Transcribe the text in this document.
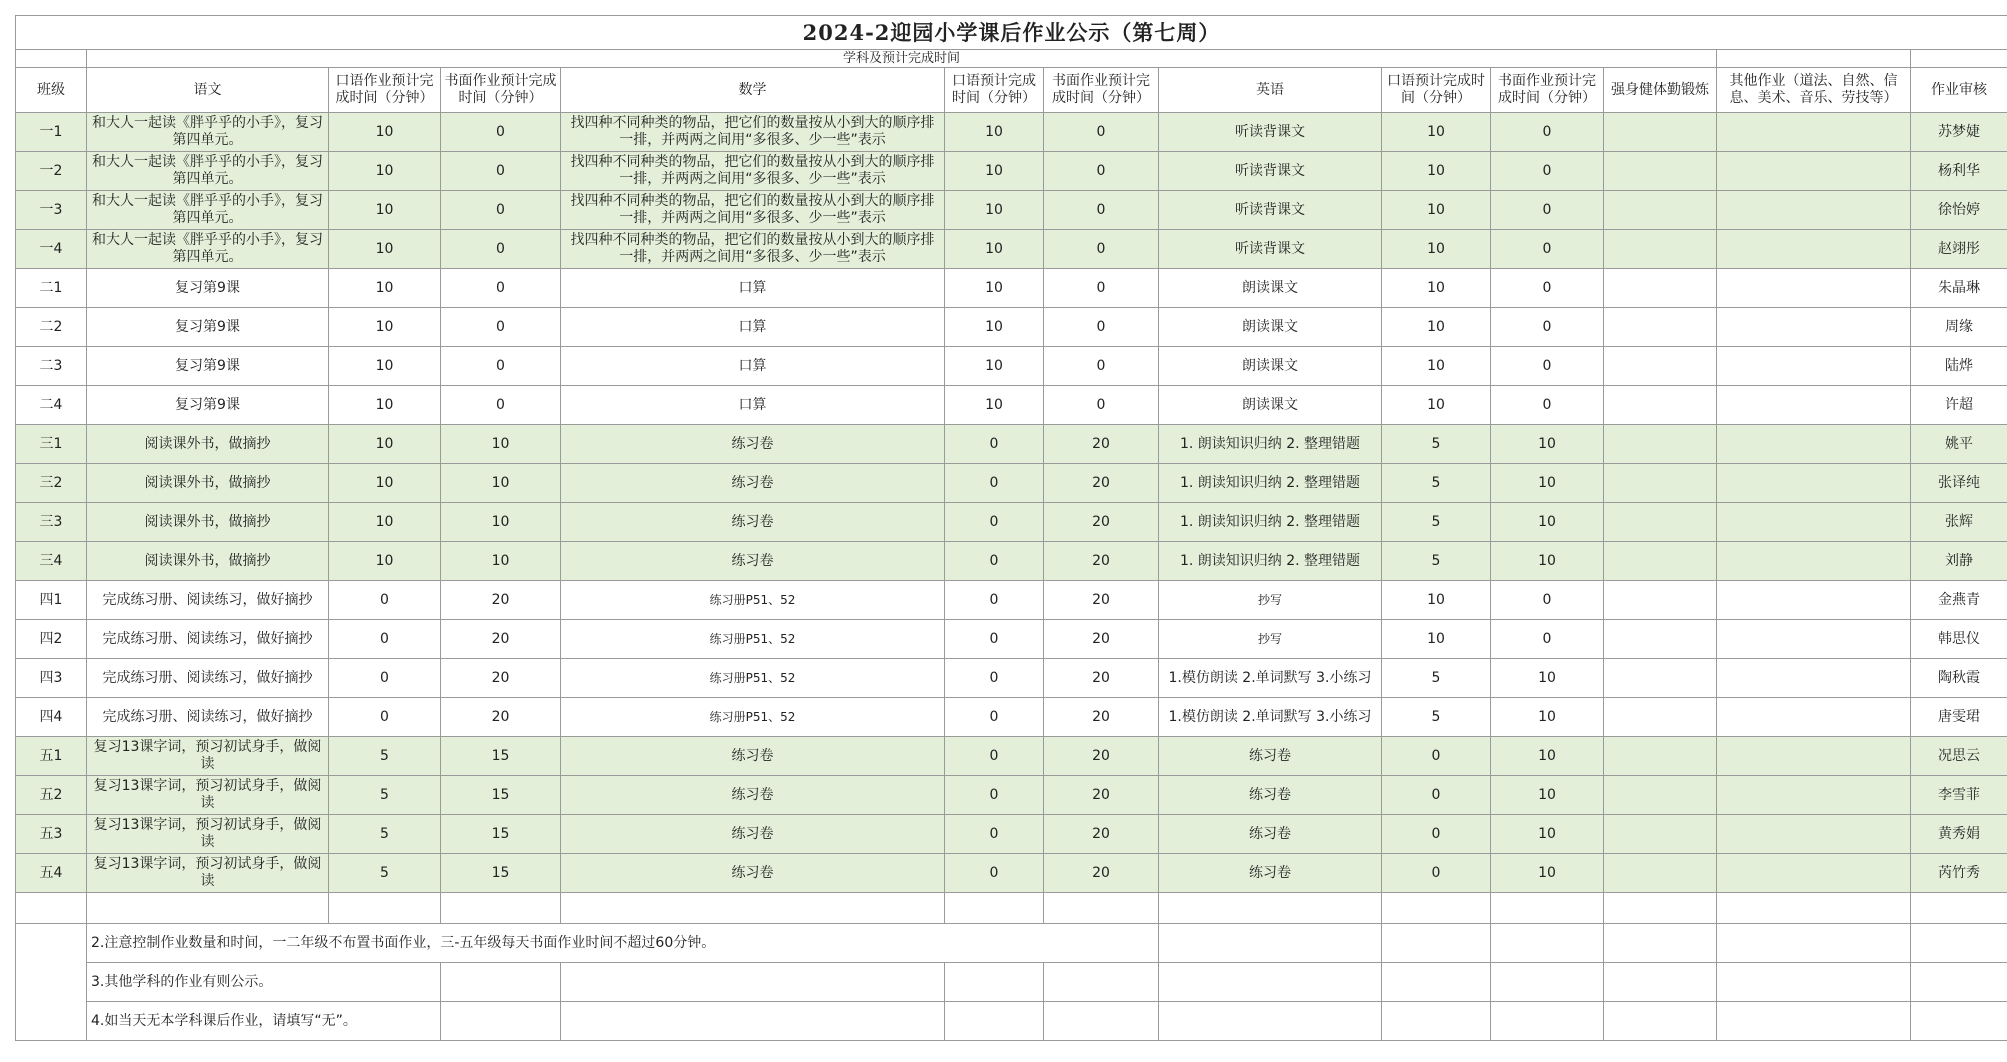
2024-2迎园小学课后作业公示（第七周）												
	学科及预计完成时间											
班级	语文	口语作业预计完成时间（分钟）	书面作业预计完成时间（分钟）	数学	口语预计完成时间（分钟）	书面作业预计完成时间（分钟）	英语	口语预计完成时间（分钟）	书面作业预计完成时间（分钟）	强身健体勤锻炼	其他作业（道法、自然、信息、美术、音乐、劳技等）	作业审核
一1	和大人一起读《胖乎乎的小手》，复习第四单元。	10	0	找四种不同种类的物品，把它们的数量按从小到大的顺序排一排，并两两之间用“多很多、少一些”表示	10	0	听读背课文	10	0			苏梦婕
一2	和大人一起读《胖乎乎的小手》，复习第四单元。	10	0	找四种不同种类的物品，把它们的数量按从小到大的顺序排一排，并两两之间用“多很多、少一些”表示	10	0	听读背课文	10	0			杨利华
一3	和大人一起读《胖乎乎的小手》，复习第四单元。	10	0	找四种不同种类的物品，把它们的数量按从小到大的顺序排一排，并两两之间用“多很多、少一些”表示	10	0	听读背课文	10	0			徐怡婷
一4	和大人一起读《胖乎乎的小手》，复习第四单元。	10	0	找四种不同种类的物品，把它们的数量按从小到大的顺序排一排，并两两之间用“多很多、少一些”表示	10	0	听读背课文	10	0			赵翊彤
二1	复习第9课	10	0	口算	10	0	朗读课文	10	0			朱晶琳
二2	复习第9课	10	0	口算	10	0	朗读课文	10	0			周缘
二3	复习第9课	10	0	口算	10	0	朗读课文	10	0			陆烨
二4	复习第9课	10	0	口算	10	0	朗读课文	10	0			许超
三1	阅读课外书，做摘抄	10	10	练习卷	0	20	1. 朗读知识归纳 2. 整理错题	5	10			姚平
三2	阅读课外书，做摘抄	10	10	练习卷	0	20	1. 朗读知识归纳 2. 整理错题	5	10			张译纯
三3	阅读课外书，做摘抄	10	10	练习卷	0	20	1. 朗读知识归纳 2. 整理错题	5	10			张辉
三4	阅读课外书，做摘抄	10	10	练习卷	0	20	1. 朗读知识归纳 2. 整理错题	5	10			刘静
四1	完成练习册、阅读练习，做好摘抄	0	20	练习册P51、52	0	20	抄写	10	0			金燕青
四2	完成练习册、阅读练习，做好摘抄	0	20	练习册P51、52	0	20	抄写	10	0			韩思仪
四3	完成练习册、阅读练习，做好摘抄	0	20	练习册P51、52	0	20	1.模仿朗读 2.单词默写 3.小练习	5	10			陶秋霞
四4	完成练习册、阅读练习，做好摘抄	0	20	练习册P51、52	0	20	1.模仿朗读 2.单词默写 3.小练习	5	10			唐雯珺
五1	复习13课字词，预习初试身手，做阅读	5	15	练习卷	0	20	练习卷	0	10			况思云
五2	复习13课字词，预习初试身手，做阅读	5	15	练习卷	0	20	练习卷	0	10			李雪菲
五3	复习13课字词，预习初试身手，做阅读	5	15	练习卷	0	20	练习卷	0	10			黄秀娟
五4	复习13课字词，预习初试身手，做阅读	5	15	练习卷	0	20	练习卷	0	10			芮竹秀

	2.注意控制作业数量和时间，一二年级不布置书面作业，三-五年级每天书面作业时间不超过60分钟。											
	3.其他学科的作业有则公示。											
	4.如当天无本学科课后作业，请填写“无”。											
